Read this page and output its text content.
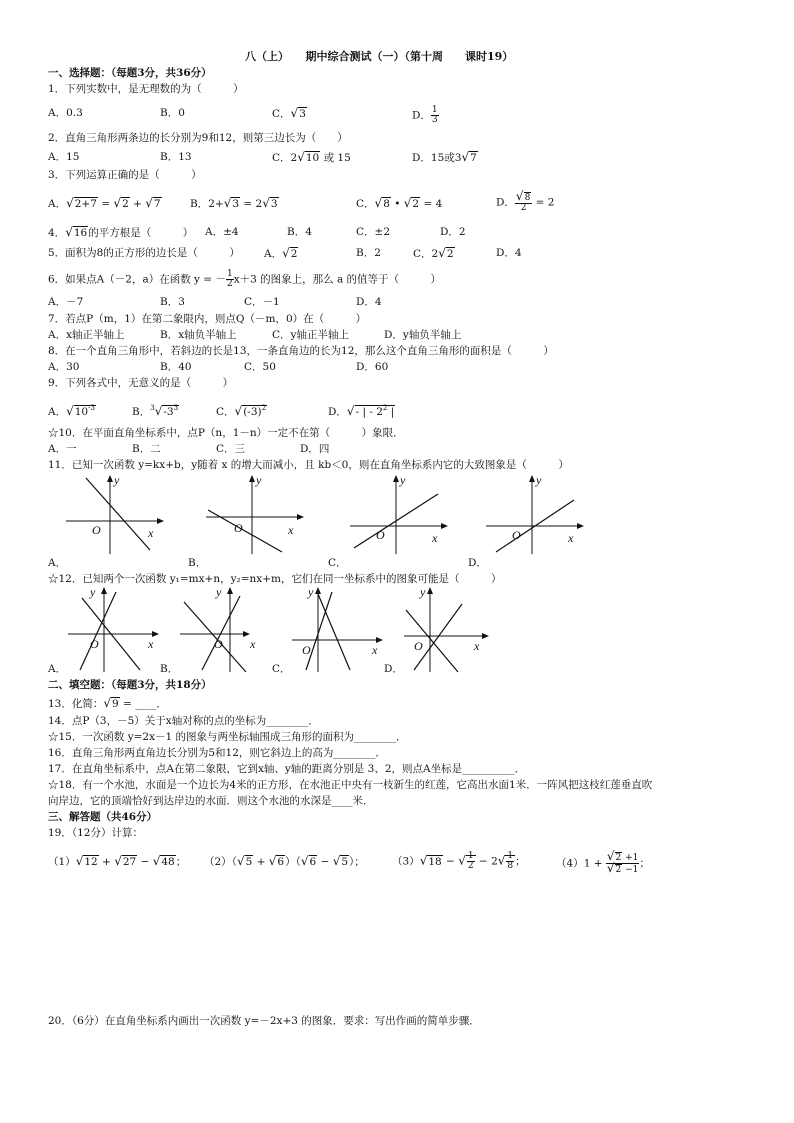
八（上）　　期中综合测试（一）（第十周　　课时19）
一、选择题：（每题3分，共36分）
1．下列实数中，是无理数的为（　　　）
A．0.3	B．0	C．√3	D． $\frac{1}{3}$
2．直角三角形两条边的长分别为9和12，则第三边长为（　　）
A．15	B．13	C．2√10 或 15	D．15或3√7
3．下列运算正确的是（　　　）
A．√2+7 = √2 + √7	B．2+√3 = 2√3	C．√8 • √2 = 4	D． $\frac{√8}{2} = 2$
4．√16的平方根是（　　　） A．±4	B．4	C．±2	D．2
5．面积为8的正方形的边长是（　　　） A．√2	B．2	C．2√2	D．4
6．如果点A（－2，a）在函数 y = － $\frac{1}{2} x+3$ 的图象上，那么 a 的值等于（　　　）
A．－7	B．3	C．－1	D．4
7．若点P（m，1）在第二象限内，则点Q（－m，0）在（　　　）
A．x轴正半轴上	B．x轴负半轴上	C．y轴正半轴上	D．y轴负半轴上
8．在一个直角三角形中，若斜边的长是13，一条直角边的长为12，那么这个直角三角形的面积是（　　　）
A．30	B．40	C．50	D．60
9．下列各式中，无意义的是（　　　）
A．$√10^{-3}$	B．$^3√-3^3$	C．$√(-3)^2$	D．√- | - $2^2$ |
☆10．在平面直角坐标系中，点P（n，1－n）一定不在第（　　　）象限．
A．一	B．二	C．三	D．四
11．已知一次函数 y=kx+b，y随着 x 的增大而减小，且 kb＜0，则在直角坐标系内它的大致图象是（　　　）
y
x
O
y
x
O
y
x
O
y
x
O
A．	B．	C．	D．
☆12．已知两个一次函数 y₁=mx+n，y₂=nx+m，它们在同一坐标系中的图象可能是（　　　）
y
x
O
y
x
O
y
x
O
y
x
O
A．	B．	C．	D．
二、填空题：（每题3分，共18分）
13．化简：√9 = ____．
14．点P（3，－5）关于x轴对称的点的坐标为________．
☆15．一次函数 y=2x－1 的图象与两坐标轴围成三角形的面积为________．
16．直角三角形两直角边长分别为5和12，则它斜边上的高为________．
17．在直角坐标系中，点A在第二象限，它到x轴、y轴的距离分别是 3、2，则点A坐标是__________．
☆18．有一个水池，水面是一个边长为4米的正方形，在水池正中央有一枝新生的红莲，它高出水面1米．一阵风把这枝红莲垂直吹
向岸边，它的顶端恰好到达岸边的水面．则这个水池的水深是____米．
三、解答题（共46分）
19．（12分）计算：
（1）√12 + √27 − √48； （2）（√5 + √6）（√6 − √5）；	（3）√18 − √ $\frac{1}{2} - 2√ \frac{1}{8}$ ；	$(4)1 + \frac{√2 +1}{√2 -1}$ ；
20．（6分）在直角坐标系内画出一次函数 y=－2x+3 的图象．要求：写出作画的简单步骤．
